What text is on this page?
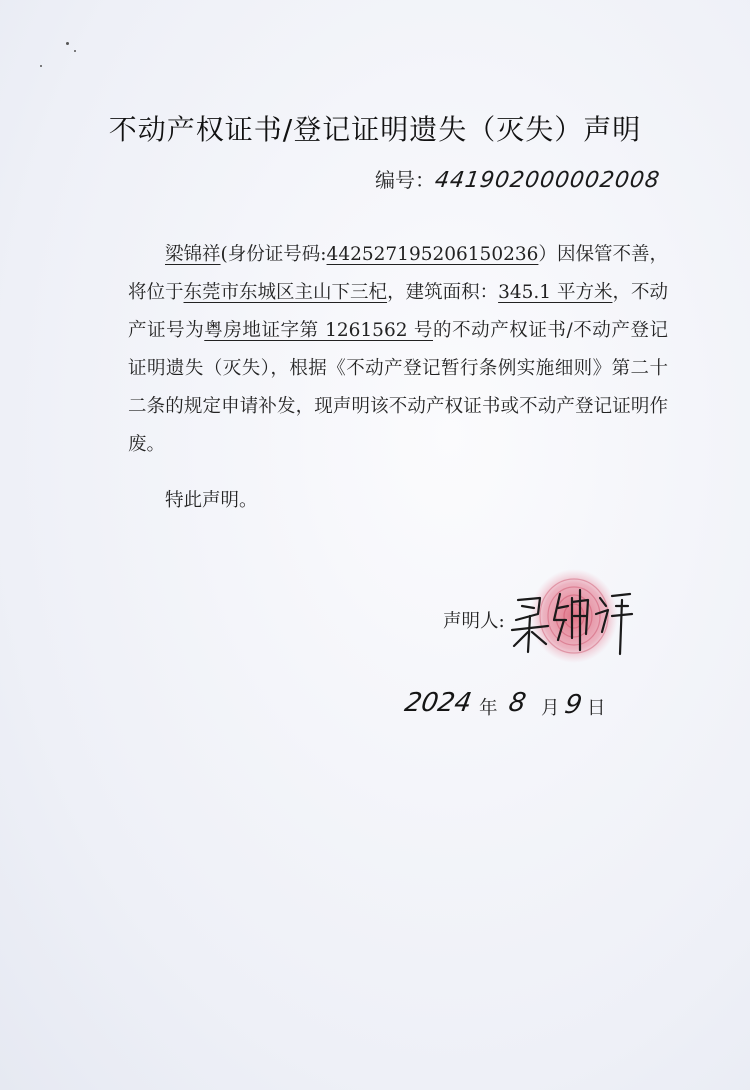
不动产权证书/登记证明遗失（灭失）声明
编号：
441902000002008

梁锦祥(身份证号码:442527195206150236）因保管不善，将位于东莞市东城区主山下三杞，建筑面积：345.1 平方米，不动产证号为粤房地证字第 1261562 号的不动产权证书/不动产登记证明遗失（灭失），根据《不动产登记暂行条例实施细则》第二十二条的规定申请补发，现声明该不动产权证书或不动产登记证明作废。

特此声明。
声明人:
2024 年 8 月 9 日
